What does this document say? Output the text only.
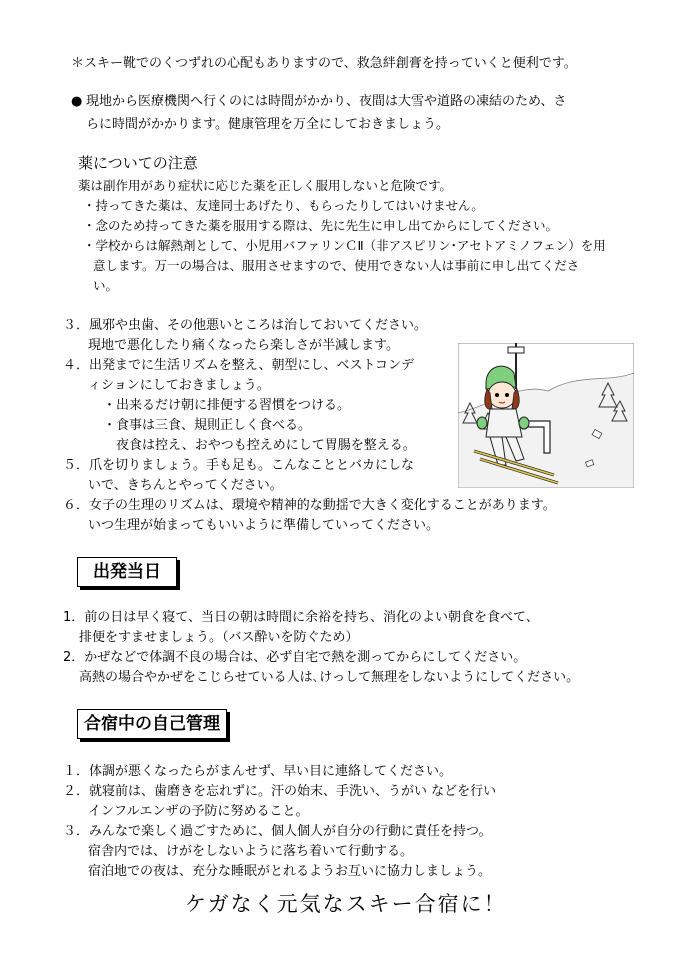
＊スキー靴でのくつずれの心配もありますので、救急絆創膏を持っていくと便利です。
● 現地から医療機関へ行くのには時間がかかり、夜間は大雪や道路の凍結のため、さ
らに時間がかかります。健康管理を万全にしておきましょう。
薬についての注意
薬は副作用があり症状に応じた薬を正しく服用しないと危険です。
・持ってきた薬は、友達同士あげたり、もらったりしてはいけません。
・念のため持ってきた薬を服用する際は、先に先生に申し出てからにしてください。
・学校からは解熱剤として、小児用バファリンＣⅡ（非アスピリン･アセトアミノフェン）を用
意します。万一の場合は、服用させますので、使用できない人は事前に申し出てくださ
い。
３．風邪や虫歯、その他悪いところは治しておいてください。
現地で悪化したり痛くなったら楽しさが半減します。
４．出発までに生活リズムを整え、朝型にし、ベストコンデ
ィションにしておきましょう。
・出来るだけ朝に排便する習慣をつける。
・食事は三食、規則正しく食べる。
夜食は控え、おやつも控えめにして胃腸を整える。
５．爪を切りましょう。手も足も。こんなこととバカにしな
いで、きちんとやってください。
６．女子の生理のリズムは、環境や精神的な動揺で大きく変化することがあります。
いつ生理が始まってもいいように準備していってください。
出発当日
1．前の日は早く寝て、当日の朝は時間に余裕を持ち、消化のよい朝食を食べて、
排便をすませましょう。（バス酔いを防ぐため）
2．かぜなどで体調不良の場合は、必ず自宅で熱を測ってからにしてください。
高熱の場合やかぜをこじらせている人は､けっして無理をしないようにしてください。
合宿中の自己管理
１．体調が悪くなったらがまんせず、早い目に連絡してください。
２．就寝前は、歯磨きを忘れずに。汗の始末、手洗い、うがい などを行い
インフルエンザの予防に努めること。
３．みんなで楽しく過ごすために、個人個人が自分の行動に責任を持つ。
宿舎内では、けがをしないように落ち着いて行動する。
宿泊地での夜は、充分な睡眠がとれるようお互いに協力しましょう。
ケガなく元気なスキー合宿に！
